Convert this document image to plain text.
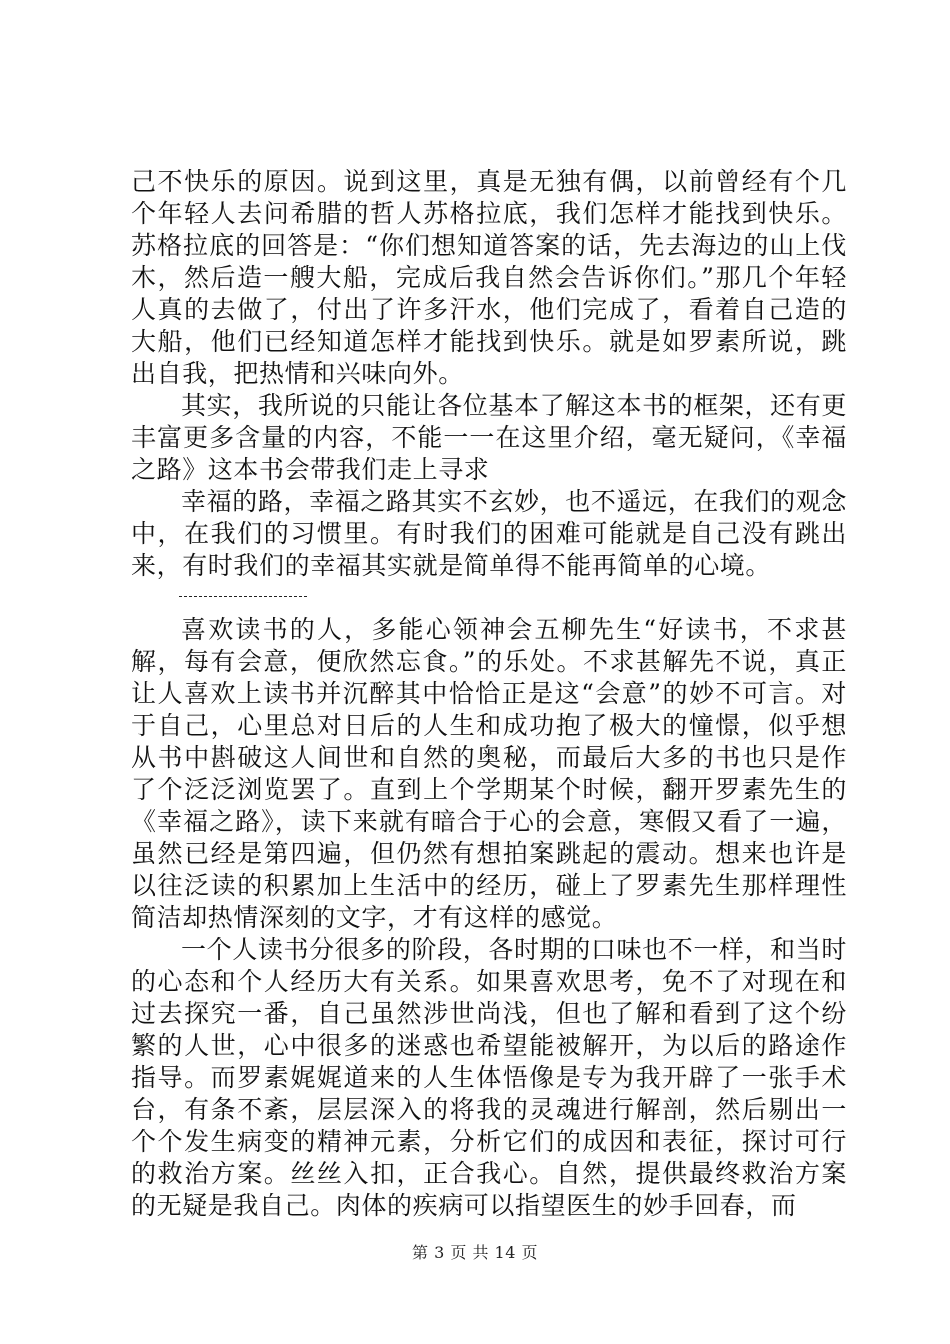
己不快乐的原因。说到这里，真是无独有偶，以前曾经有个几个年轻人去问希腊的哲人苏格拉底，我们怎样才能找到快乐。苏格拉底的回答是：“你们想知道答案的话，先去海边的山上伐木，然后造一艘大船，完成后我自然会告诉你们。”那几个年轻人真的去做了，付出了许多汗水，他们完成了，看着自己造的大船，他们已经知道怎样才能找到快乐。就是如罗素所说，跳出自我，把热情和兴味向外。

其实，我所说的只能让各位基本了解这本书的框架，还有更丰富更多含量的内容，不能一一在这里介绍，毫无疑问，《幸福之路》这本书会带我们走上寻求

幸福的路，幸福之路其实不玄妙，也不遥远，在我们的观念中，在我们的习惯里。有时我们的困难可能就是自己没有跳出来，有时我们的幸福其实就是简单得不能再简单的心境。

喜欢读书的人，多能心领神会五柳先生“好读书，不求甚解，每有会意，便欣然忘食。”的乐处。不求甚解先不说，真正让人喜欢上读书并沉醉其中恰恰正是这“会意”的妙不可言。对于自己，心里总对日后的人生和成功抱了极大的憧憬，似乎想从书中斟破这人间世和自然的奥秘，而最后大多的书也只是作了个泛泛浏览罢了。直到上个学期某个时候，翻开罗素先生的《幸福之路》，读下来就有暗合于心的会意，寒假又看了一遍，虽然已经是第四遍，但仍然有想拍案跳起的震动。想来也许是以往泛读的积累加上生活中的经历，碰上了罗素先生那样理性简洁却热情深刻的文字，才有这样的感觉。

一个人读书分很多的阶段，各时期的口味也不一样，和当时的心态和个人经历大有关系。如果喜欢思考，免不了对现在和过去探究一番，自己虽然涉世尚浅，但也了解和看到了这个纷繁的人世，心中很多的迷惑也希望能被解开，为以后的路途作指导。而罗素娓娓道来的人生体悟像是专为我开辟了一张手术台，有条不紊，层层深入的将我的灵魂进行解剖，然后剔出一个个发生病变的精神元素，分析它们的成因和表征，探讨可行的救治方案。丝丝入扣，正合我心。自然，提供最终救治方案的无疑是我自己。肉体的疾病可以指望医生的妙手回春，而

第 3 页 共 14 页
